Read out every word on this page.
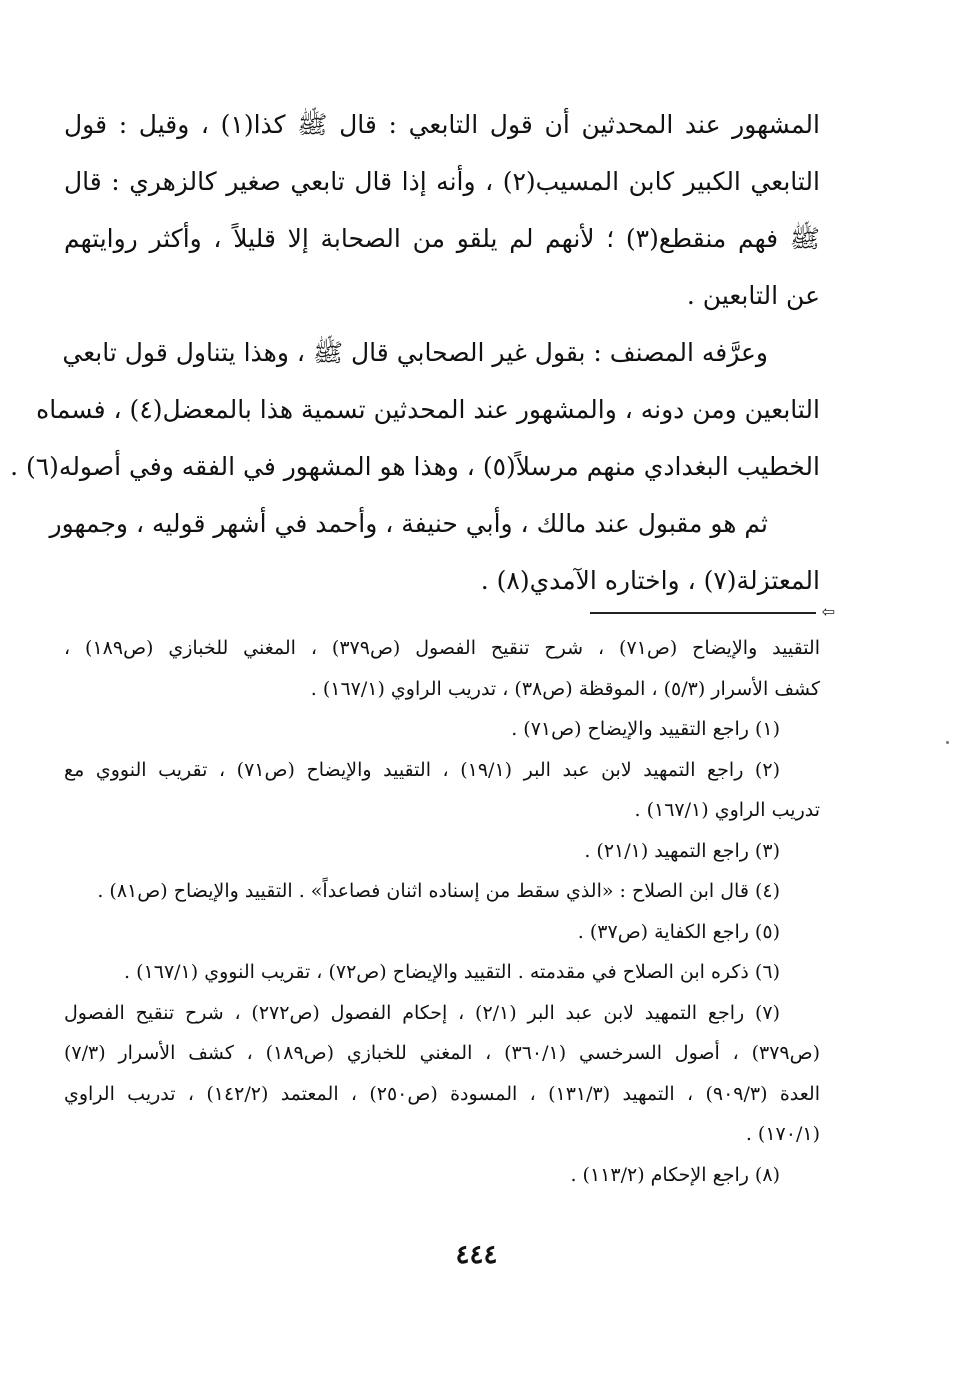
المشهور عند المحدثين أن قول التابعي : قال ﷺ كذا(١) ، وقيل : قول
التابعي الكبير كابن المسيب(٢) ، وأنه إذا قال تابعي صغير كالزهري : قال
ﷺ فهم منقطع(٣) ؛ لأنهم لم يلقو من الصحابة إلا قليلاً ، وأكثر روايتهم
عن التابعين .
وعرَّفه المصنف : بقول غير الصحابي قال ﷺ ، وهذا يتناول قول تابعي
التابعين ومن دونه ، والمشهور عند المحدثين تسمية هذا بالمعضل(٤) ، فسماه
الخطيب البغدادي منهم مرسلاً(٥) ، وهذا هو المشهور في الفقه وفي أصوله(٦) .
ثم هو مقبول عند مالك ، وأبي حنيفة ، وأحمد في أشهر قوليه ، وجمهور
المعتزلة(٧) ، واختاره الآمدي(٨) .
⇦
التقييد والإيضاح (ص٧١) ، شرح تنقيح الفصول (ص٣٧٩) ، المغني للخبازي (ص١٨٩) ،
كشف الأسرار (٥/٣) ، الموقظة (ص٣٨) ، تدريب الراوي (١٦٧/١) .
(١) راجع التقييد والإيضاح (ص٧١) .
(٢) راجع التمهيد لابن عبد البر (١٩/١) ، التقييد والإيضاح (ص٧١) ، تقريب النووي مع
تدريب الراوي (١٦٧/١) .
(٣) راجع التمهيد (٢١/١) .
(٤) قال ابن الصلاح : «الذي سقط من إسناده اثنان فصاعداً» . التقييد والإيضاح (ص٨١) .
(٥) راجع الكفاية (ص٣٧) .
(٦) ذكره ابن الصلاح في مقدمته . التقييد والإيضاح (ص٧٢) ، تقريب النووي (١٦٧/١) .
(٧) راجع التمهيد لابن عبد البر (٢/١) ، إحكام الفصول (ص٢٧٢) ، شرح تنقيح الفصول
(ص٣٧٩) ، أصول السرخسي (٣٦٠/١) ، المغني للخبازي (ص١٨٩) ، كشف الأسرار (٧/٣)
العدة (٩٠٩/٣) ، التمهيد (١٣١/٣) ، المسودة (ص٢٥٠) ، المعتمد (١٤٢/٢) ، تدريب الراوي
(١٧٠/١) .
(٨) راجع الإحكام (١١٣/٢) .
٤٤٤
